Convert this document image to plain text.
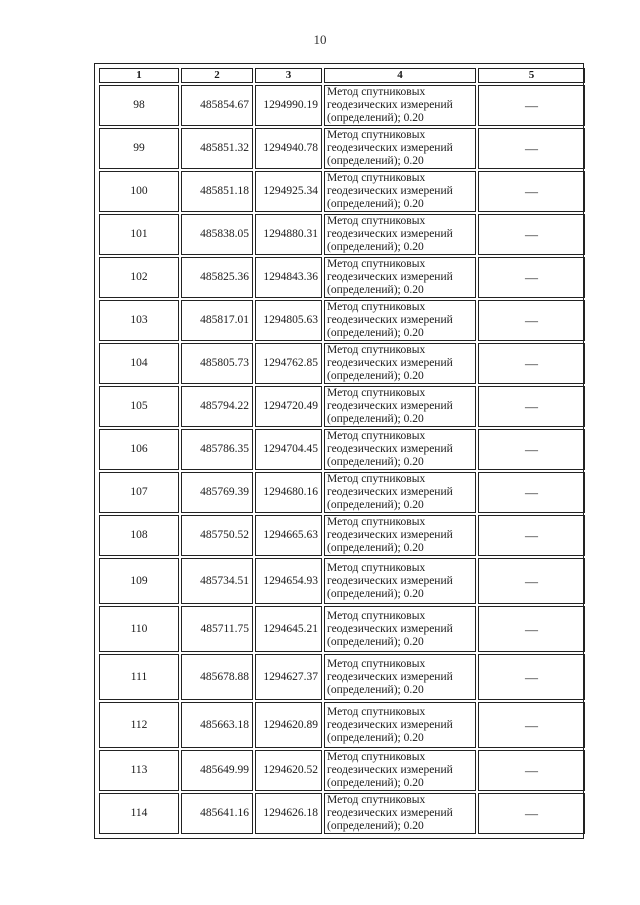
10
1	2	3	4	5
98	485854.67	1294990.19	Метод спутниковых
геодезических измерений
(определений); 0.20	—
99	485851.32	1294940.78	Метод спутниковых
геодезических измерений
(определений); 0.20	—
100	485851.18	1294925.34	Метод спутниковых
геодезических измерений
(определений); 0.20	—
101	485838.05	1294880.31	Метод спутниковых
геодезических измерений
(определений); 0.20	—
102	485825.36	1294843.36	Метод спутниковых
геодезических измерений
(определений); 0.20	—
103	485817.01	1294805.63	Метод спутниковых
геодезических измерений
(определений); 0.20	—
104	485805.73	1294762.85	Метод спутниковых
геодезических измерений
(определений); 0.20	—
105	485794.22	1294720.49	Метод спутниковых
геодезических измерений
(определений); 0.20	—
106	485786.35	1294704.45	Метод спутниковых
геодезических измерений
(определений); 0.20	—
107	485769.39	1294680.16	Метод спутниковых
геодезических измерений
(определений); 0.20	—
108	485750.52	1294665.63	Метод спутниковых
геодезических измерений
(определений); 0.20	—
109	485734.51	1294654.93	Метод спутниковых
геодезических измерений
(определений); 0.20	—
110	485711.75	1294645.21	Метод спутниковых
геодезических измерений
(определений); 0.20	—
111	485678.88	1294627.37	Метод спутниковых
геодезических измерений
(определений); 0.20	—
112	485663.18	1294620.89	Метод спутниковых
геодезических измерений
(определений); 0.20	—
113	485649.99	1294620.52	Метод спутниковых
геодезических измерений
(определений); 0.20	—
114	485641.16	1294626.18	Метод спутниковых
геодезических измерений
(определений); 0.20	—
